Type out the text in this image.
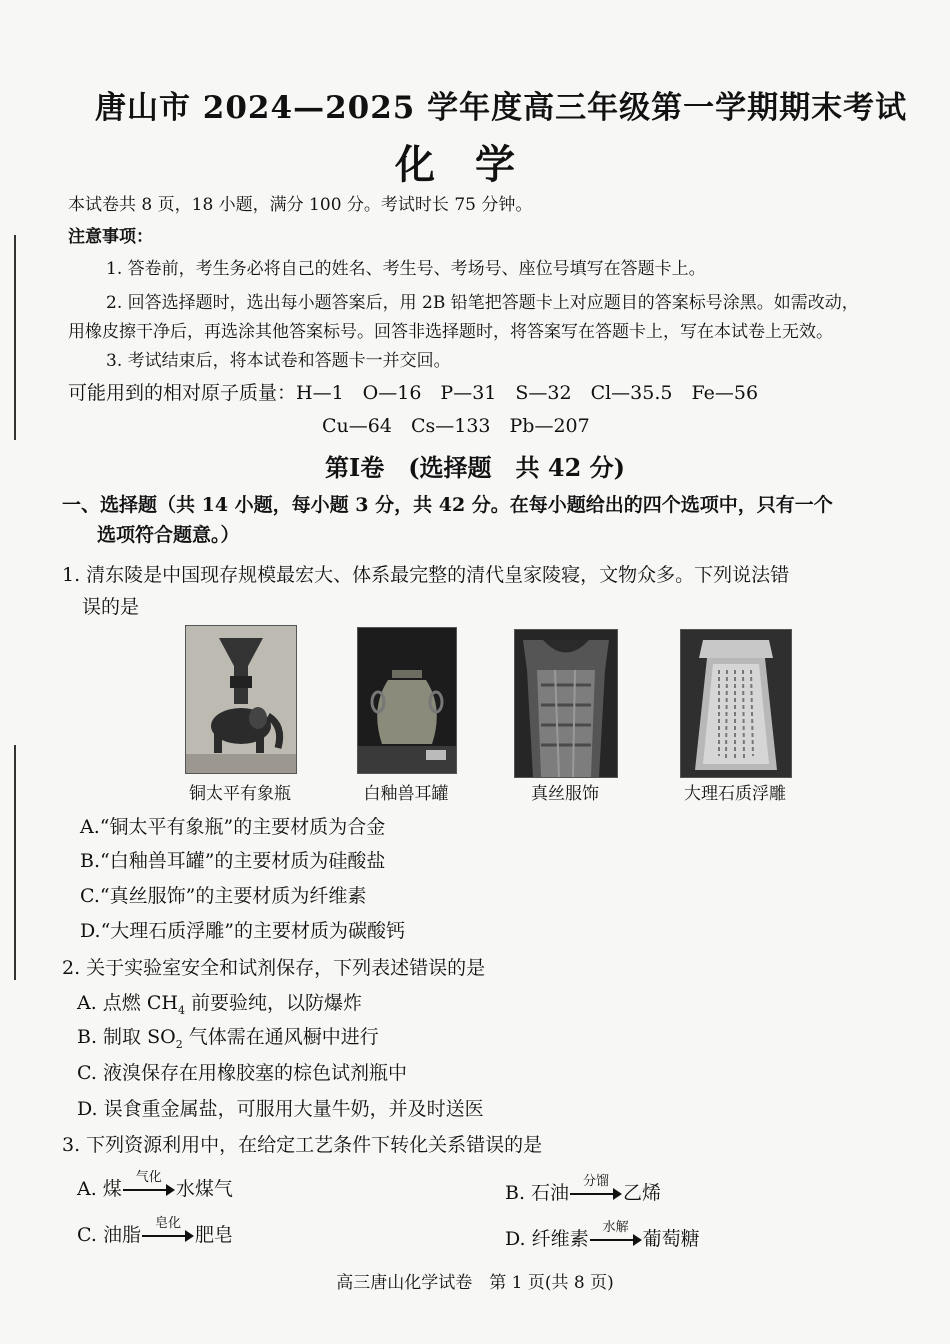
唐山市 2024—2025 学年度高三年级第一学期期末考试
化学
本试卷共 8 页，18 小题，满分 100 分。考试时长 75 分钟。
注意事项：
1. 答卷前，考生务必将自己的姓名、考生号、考场号、座位号填写在答题卡上。
2. 回答选择题时，选出每小题答案后，用 2B 铅笔把答题卡上对应题目的答案标号涂黑。如需改动，
用橡皮擦干净后，再选涂其他答案标号。回答非选择题时，将答案写在答题卡上，写在本试卷上无效。
3. 考试结束后，将本试卷和答题卡一并交回。
可能用到的相对原子质量：H—1　O—16　P—31　S—32　Cl—35.5　Fe—56
Cu—64　Cs—133　Pb—207
第Ⅰ卷　(选择题　共 42 分)
一、选择题（共 14 小题，每小题 3 分，共 42 分。在每小题给出的四个选项中，只有一个
选项符合题意。）
1. 清东陵是中国现存规模最宏大、体系最完整的清代皇家陵寝，文物众多。下列说法错
误的是
铜太平有象瓶	白釉兽耳罐	真丝服饰	大理石质浮雕
A.“铜太平有象瓶”的主要材质为合金
B.“白釉兽耳罐”的主要材质为硅酸盐
C.“真丝服饰”的主要材质为纤维素
D.“大理石质浮雕”的主要材质为碳酸钙
2. 关于实验室安全和试剂保存，下列表述错误的是
A. 点燃 $CH_4$ 前要验纯，以防爆炸
B. 制取 $SO_2$ 气体需在通风橱中进行
C. 液溴保存在用橡胶塞的棕色试剂瓶中
D. 误食重金属盐，可服用大量牛奶，并及时送医
3. 下列资源利用中，在给定工艺条件下转化关系错误的是
A. 煤
气化
水煤气	B. 石油
分馏
乙烯
C. 油脂
皂化
肥皂	D. 纤维素
水解
葡萄糖
高三唐山化学试卷　第 1 页(共 8 页)
